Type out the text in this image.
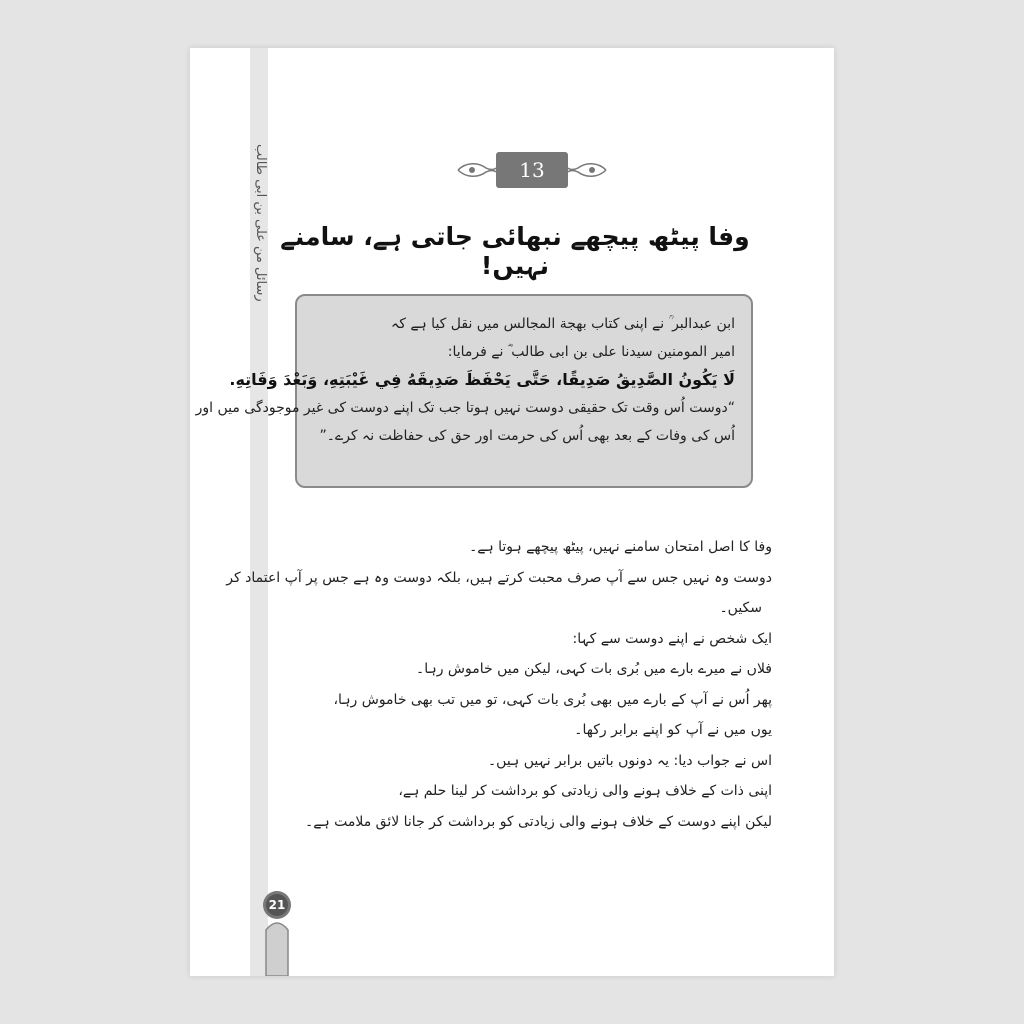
رسائل من علی بن ابی طالب	13
وفا پیٹھ پیچھے نبھائی جاتی ہے، سامنے نہیں!
ابن عبدالبر ؒ نے اپنی کتاب بهجة المجالس میں نقل کیا ہے کہ
امیر المومنین سیدنا علی بن ابی طالب ؓ نے فرمایا:
لَا يَكُونُ الصَّدِيقُ صَدِيقًا، حَتَّى يَحْفَظَ صَدِيقَهُ فِي غَيْبَتِهِ، وَبَعْدَ وَفَاتِهِ.
“دوست اُس وقت تک حقیقی دوست نہیں ہوتا جب تک اپنے دوست کی غیر موجودگی میں اور
اُس کی وفات کے بعد بھی اُس کی حرمت اور حق کی حفاظت نہ کرے۔”
وفا کا اصل امتحان سامنے نہیں، پیٹھ پیچھے ہوتا ہے۔
دوست وہ نہیں جس سے آپ صرف محبت کرتے ہیں، بلکہ دوست وہ ہے جس پر آپ اعتماد کر
سکیں۔
ایک شخص نے اپنے دوست سے کہا:
فلاں نے میرے بارے میں بُری بات کہی، لیکن میں خاموش رہا۔
پھر اُس نے آپ کے بارے میں بھی بُری بات کہی، تو میں تب بھی خاموش رہا،
یوں میں نے آپ کو اپنے برابر رکھا۔
اس نے جواب دیا: یہ دونوں باتیں برابر نہیں ہیں۔
اپنی ذات کے خلاف ہونے والی زیادتی کو برداشت کر لینا حلم ہے،
لیکن اپنے دوست کے خلاف ہونے والی زیادتی کو برداشت کر جانا لائق ملامت ہے۔
21
